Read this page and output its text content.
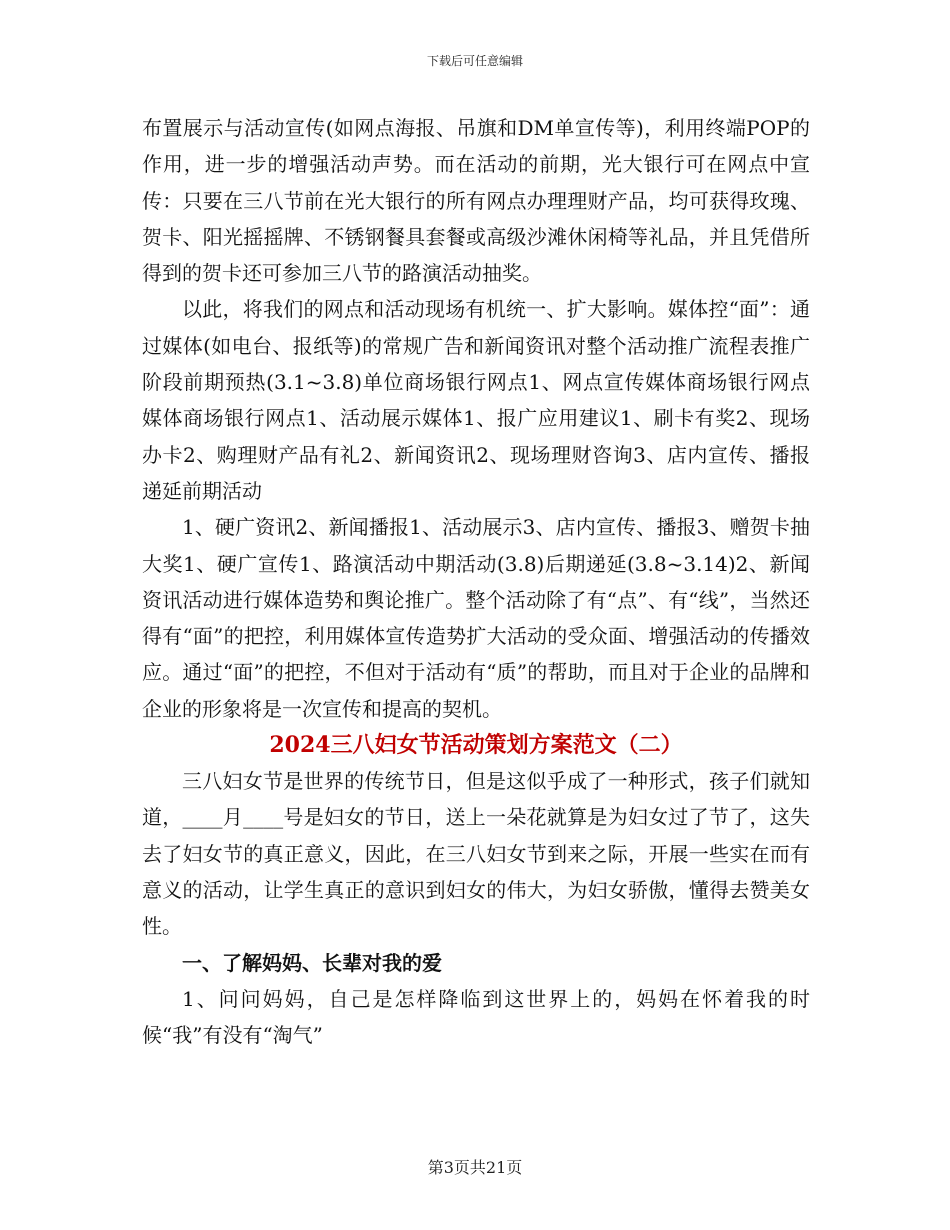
下载后可任意编辑

布置展示与活动宣传(如网点海报、吊旗和DM单宣传等)，利用终端POP的作用，进一步的增强活动声势。而在活动的前期，光大银行可在网点中宣传：只要在三八节前在光大银行的所有网点办理理财产品，均可获得玫瑰、贺卡、阳光摇摇牌、不锈钢餐具套餐或高级沙滩休闲椅等礼品，并且凭借所得到的贺卡还可参加三八节的路演活动抽奖。

以此，将我们的网点和活动现场有机统一、扩大影响。媒体控“面”：通过媒体(如电台、报纸等)的常规广告和新闻资讯对整个活动推广流程表推广阶段前期预热(3.1~3.8)单位商场银行网点1、网点宣传媒体商场银行网点媒体商场银行网点1、活动展示媒体1、报广应用建议1、刷卡有奖2、现场办卡2、购理财产品有礼2、新闻资讯2、现场理财咨询3、店内宣传、播报递延前期活动

1、硬广资讯2、新闻播报1、活动展示3、店内宣传、播报3、赠贺卡抽大奖1、硬广宣传1、路演活动中期活动(3.8)后期递延(3.8~3.14)2、新闻资讯活动进行媒体造势和舆论推广。整个活动除了有“点”、有“线”，当然还得有“面”的把控，利用媒体宣传造势扩大活动的受众面、增强活动的传播效应。通过“面”的把控，不但对于活动有“质”的帮助，而且对于企业的品牌和企业的形象将是一次宣传和提高的契机。

2024三八妇女节活动策划方案范文（二）

三八妇女节是世界的传统节日，但是这似乎成了一种形式，孩子们就知道，____月____号是妇女的节日，送上一朵花就算是为妇女过了节了，这失去了妇女节的真正意义，因此，在三八妇女节到来之际，开展一些实在而有意义的活动，让学生真正的意识到妇女的伟大，为妇女骄傲，懂得去赞美女性。

一、了解妈妈、长辈对我的爱

1、问问妈妈，自己是怎样降临到这世界上的，妈妈在怀着我的时候“我”有没有“淘气”

第3页共21页
